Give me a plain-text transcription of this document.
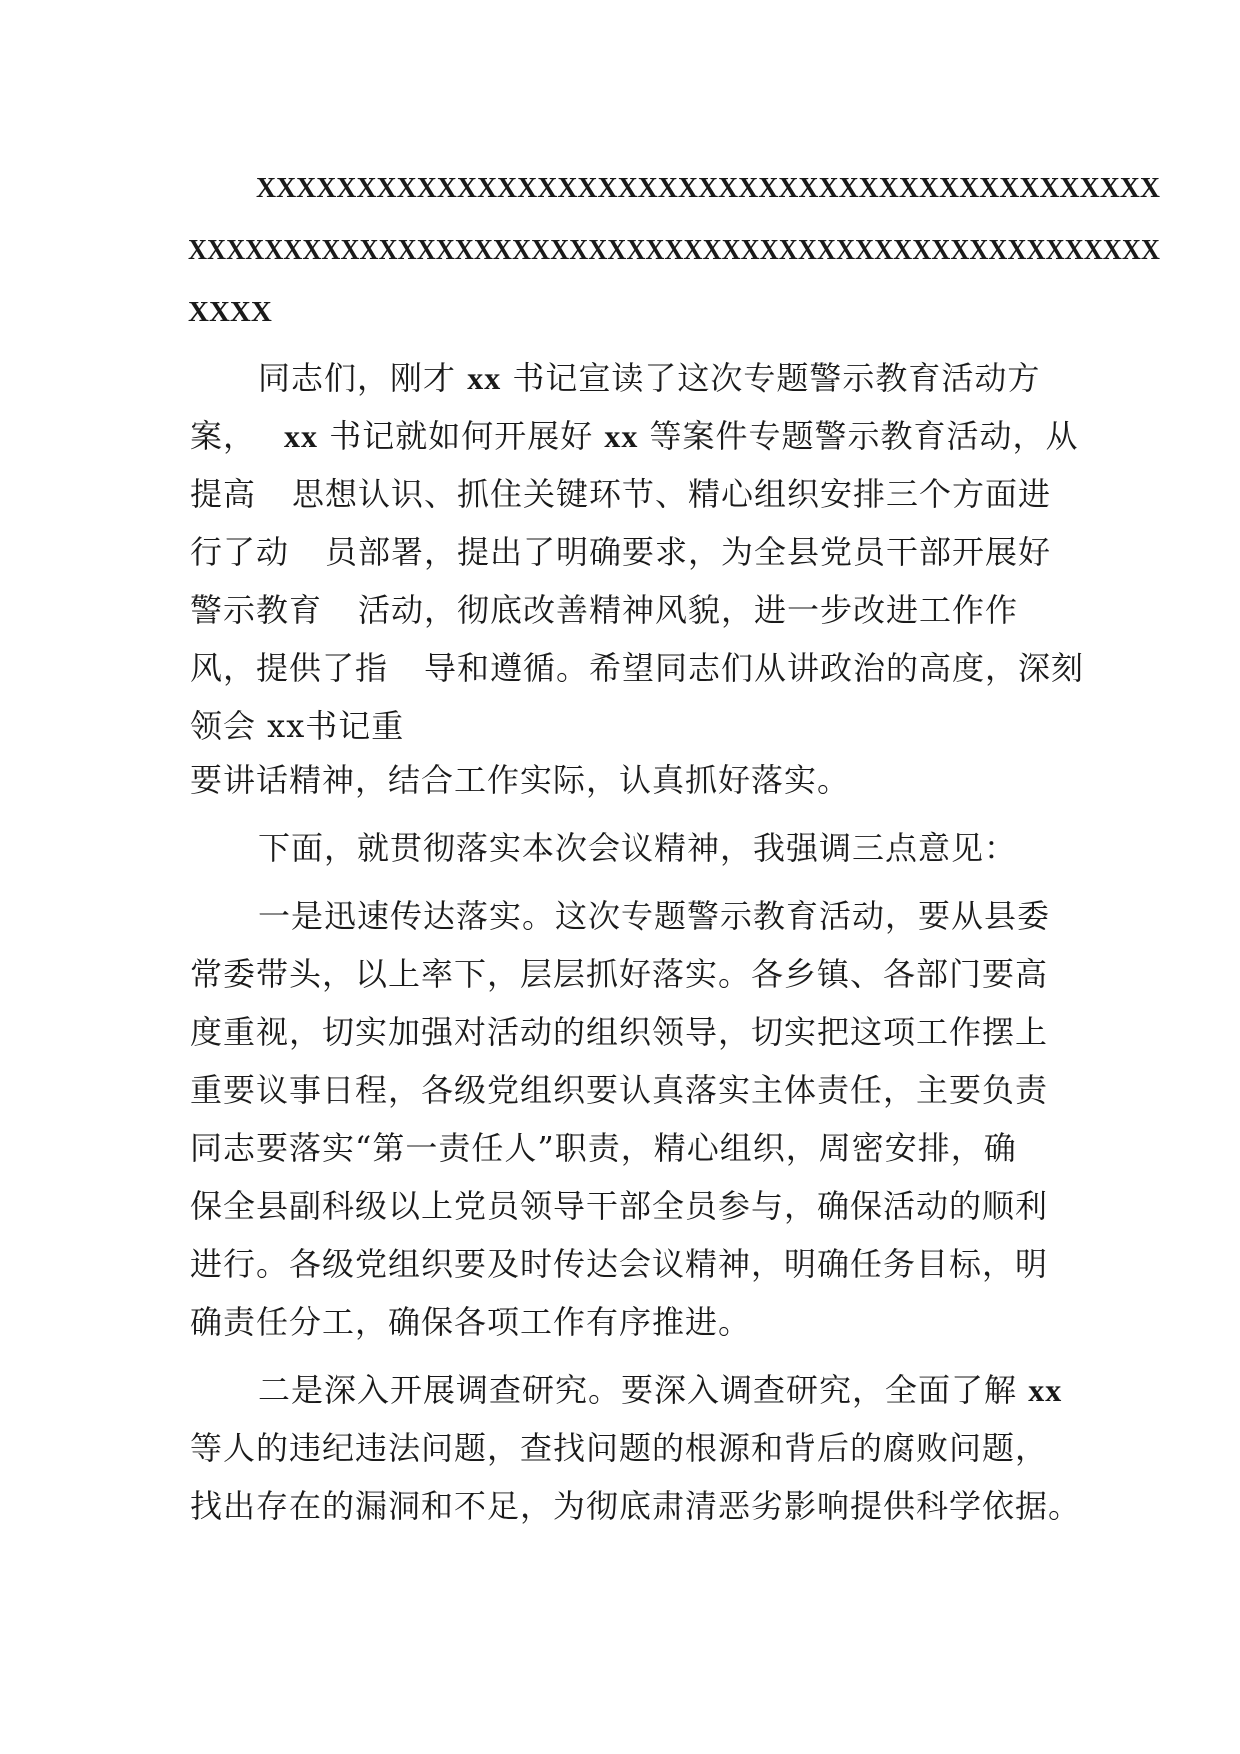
XXXXXXXXXXXXXXXXXXXXXXXXXXXXXXXXXXXXXXXXXXXXX
XXXXXXXXXXXXXXXXXXXXXXXXXXXXXXXXXXXXXXXXXXXXXXXXXXX
XXXX
同志们，刚才 xx 书记宣读了这次专题警示教育活动方
案， xx 书记就如何开展好 xx 等案件专题警示教育活动，从
提高 思想认识、抓住关键环节、精心组织安排三个方面进
行了动 员部署，提出了明确要求，为全县党员干部开展好
警示教育 活动，彻底改善精神风貌，进一步改进工作作
风，提供了指 导和遵循。希望同志们从讲政治的高度，深刻
领会 xx书记重
要讲话精神，结合工作实际，认真抓好落实。
下面，就贯彻落实本次会议精神，我强调三点意见：
一是迅速传达落实。这次专题警示教育活动，要从县委
常委带头，以上率下，层层抓好落实。各乡镇、各部门要高
度重视，切实加强对活动的组织领导，切实把这项工作摆上
重要议事日程，各级党组织要认真落实主体责任，主要负责
同志要落实“第一责任人”职责，精心组织，周密安排，确
保全县副科级以上党员领导干部全员参与，确保活动的顺利
进行。各级党组织要及时传达会议精神，明确任务目标，明
确责任分工，确保各项工作有序推进。
二是深入开展调查研究。要深入调查研究，全面了解 xx
等人的违纪违法问题，查找问题的根源和背后的腐败问题，
找出存在的漏洞和不足，为彻底肃清恶劣影响提供科学依据。
